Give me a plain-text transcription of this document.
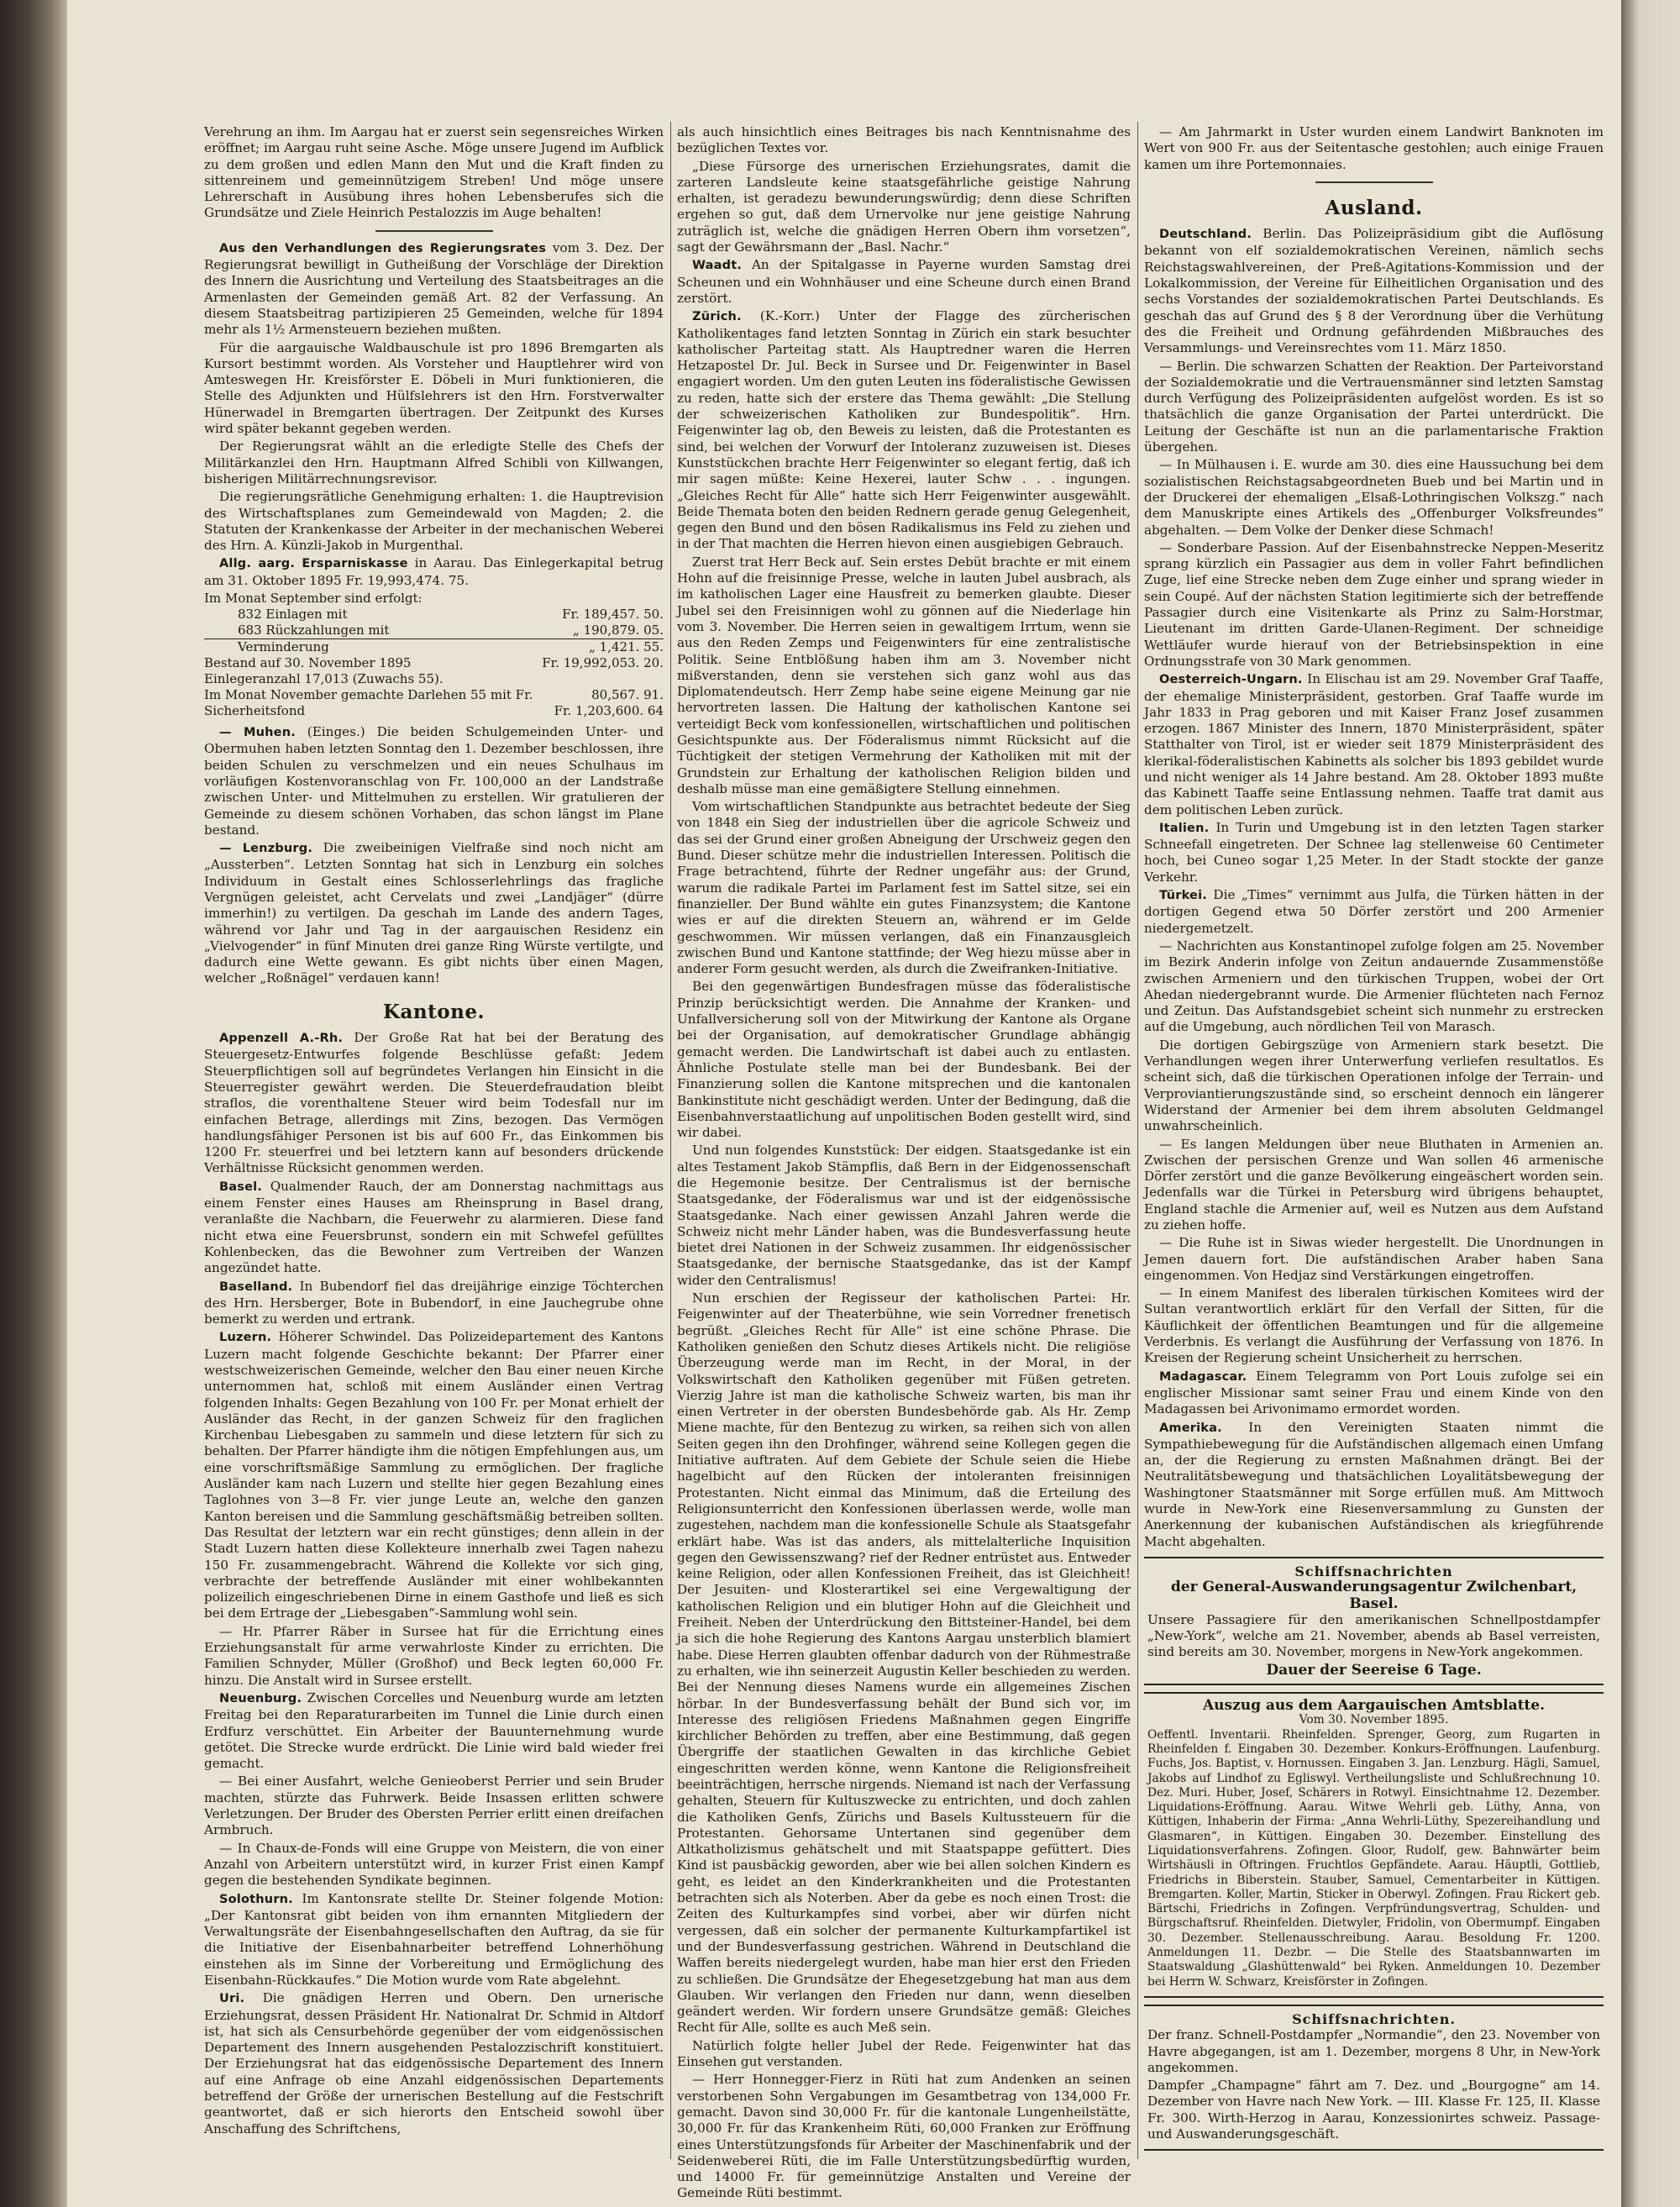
Verehrung an ihm. Im Aargau hat er zuerst sein segensreiches Wirken eröffnet; im Aargau ruht seine Asche. Möge unsere Jugend im Aufblick zu dem großen und edlen Mann den Mut und die Kraft finden zu sittenreinem und gemeinnützigem Streben! Und möge unsere Lehrerschaft in Ausübung ihres hohen Lebensberufes sich die Grundsätze und Ziele Heinrich Pestalozzis im Auge behalten!

Aus den Verhandlungen des Regierungsrates vom 3. Dez. Der Regierungsrat bewilligt in Gutheißung der Vorschläge der Direktion des Innern die Ausrichtung und Verteilung des Staatsbeitrages an die Armenlasten der Gemeinden gemäß Art. 82 der Verfassung. An diesem Staatsbeitrag partizipieren 25 Gemeinden, welche für 1894 mehr als 1½ Armensteuern beziehen mußten.

Für die aargauische Waldbauschule ist pro 1896 Bremgarten als Kursort bestimmt worden. Als Vorsteher und Hauptlehrer wird von Amteswegen Hr. Kreisförster E. Döbeli in Muri funktionieren, die Stelle des Adjunkten und Hülfslehrers ist den Hrn. Forstverwalter Hünerwadel in Bremgarten übertragen. Der Zeitpunkt des Kurses wird später bekannt gegeben werden.

Der Regierungsrat wählt an die erledigte Stelle des Chefs der Militärkanzlei den Hrn. Hauptmann Alfred Schibli von Killwangen, bisherigen Militärrechnungsrevisor.

Die regierungsrätliche Genehmigung erhalten: 1. die Hauptrevision des Wirtschaftsplanes zum Gemeindewald von Magden; 2. die Statuten der Krankenkasse der Arbeiter in der mechanischen Weberei des Hrn. A. Künzli-Jakob in Murgenthal.

Allg. aarg. Ersparniskasse in Aarau. Das Einlegerkapital betrug am 31. Oktober 1895 Fr. 19,993,474. 75.

Im Monat September sind erfolgt:
832 Einlagen mit	Fr. 189,457. 50.
683 Rückzahlungen mit	„ 190,879. 05.
Verminderung	„ 1,421. 55.
Bestand auf 30. November 1895	Fr. 19,992,053. 20.
Einlegeranzahl 17,013 (Zuwachs 55).
Im Monat November gemachte Darlehen 55 mit Fr.	80,567. 91.
Sicherheitsfond	Fr. 1,203,600. 64

— Muhen. (Einges.) Die beiden Schulgemeinden Unter- und Obermuhen haben letzten Sonntag den 1. Dezember beschlossen, ihre beiden Schulen zu verschmelzen und ein neues Schulhaus im vorläufigen Kostenvoranschlag von Fr. 100,000 an der Landstraße zwischen Unter- und Mittelmuhen zu erstellen. Wir gratulieren der Gemeinde zu diesem schönen Vorhaben, das schon längst im Plane bestand.

— Lenzburg. Die zweibeinigen Vielfraße sind noch nicht am „Aussterben“. Letzten Sonntag hat sich in Lenzburg ein solches Individuum in Gestalt eines Schlosserlehrlings das fragliche Vergnügen geleistet, acht Cervelats und zwei „Landjäger“ (dürre immerhin!) zu vertilgen. Da geschah im Lande des andern Tages, während vor Jahr und Tag in der aargauischen Residenz ein „Vielvogender“ in fünf Minuten drei ganze Ring Würste vertilgte, und dadurch eine Wette gewann. Es gibt nichts über einen Magen, welcher „Roßnägel“ verdauen kann!

Kantone.

Appenzell A.-Rh. Der Große Rat hat bei der Beratung des Steuergesetz-Entwurfes folgende Beschlüsse gefaßt: Jedem Steuerpflichtigen soll auf begründetes Verlangen hin Einsicht in die Steuerregister gewährt werden. Die Steuerdefraudation bleibt straflos, die vorenthaltene Steuer wird beim Todesfall nur im einfachen Betrage, allerdings mit Zins, bezogen. Das Vermögen handlungsfähiger Personen ist bis auf 600 Fr., das Einkommen bis 1200 Fr. steuerfrei und bei letztern kann auf besonders drückende Verhältnisse Rücksicht genommen werden.

Basel. Qualmender Rauch, der am Donnerstag nachmittags aus einem Fenster eines Hauses am Rheinsprung in Basel drang, veranlaßte die Nachbarn, die Feuerwehr zu alarmieren. Diese fand nicht etwa eine Feuersbrunst, sondern ein mit Schwefel gefülltes Kohlenbecken, das die Bewohner zum Vertreiben der Wanzen angezündet hatte.

Baselland. In Bubendorf fiel das dreijährige einzige Töchterchen des Hrn. Hersberger, Bote in Bubendorf, in eine Jauchegrube ohne bemerkt zu werden und ertrank.

Luzern. Höherer Schwindel. Das Polizeidepartement des Kantons Luzern macht folgende Geschichte bekannt: Der Pfarrer einer westschweizerischen Gemeinde, welcher den Bau einer neuen Kirche unternommen hat, schloß mit einem Ausländer einen Vertrag folgenden Inhalts: Gegen Bezahlung von 100 Fr. per Monat erhielt der Ausländer das Recht, in der ganzen Schweiz für den fraglichen Kirchenbau Liebesgaben zu sammeln und diese letztern für sich zu behalten. Der Pfarrer händigte ihm die nötigen Empfehlungen aus, um eine vorschriftsmäßige Sammlung zu ermöglichen. Der fragliche Ausländer kam nach Luzern und stellte hier gegen Bezahlung eines Taglohnes von 3—8 Fr. vier junge Leute an, welche den ganzen Kanton bereisen und die Sammlung geschäftsmäßig betreiben sollten. Das Resultat der letztern war ein recht günstiges; denn allein in der Stadt Luzern hatten diese Kollekteure innerhalb zwei Tagen nahezu 150 Fr. zusammengebracht. Während die Kollekte vor sich ging, verbrachte der betreffende Ausländer mit einer wohlbekannten polizeilich eingeschriebenen Dirne in einem Gasthofe und ließ es sich bei dem Ertrage der „Liebesgaben“-Sammlung wohl sein.

— Hr. Pfarrer Räber in Sursee hat für die Errichtung eines Erziehungsanstalt für arme verwahrloste Kinder zu errichten. Die Familien Schnyder, Müller (Großhof) und Beck legten 60,000 Fr. hinzu. Die Anstalt wird in Sursee erstellt.

Neuenburg. Zwischen Corcelles und Neuenburg wurde am letzten Freitag bei den Reparaturarbeiten im Tunnel die Linie durch einen Erdfurz verschüttet. Ein Arbeiter der Bauunternehmung wurde getötet. Die Strecke wurde erdrückt. Die Linie wird bald wieder frei gemacht.

— Bei einer Ausfahrt, welche Genieoberst Perrier und sein Bruder machten, stürzte das Fuhrwerk. Beide Insassen erlitten schwere Verletzungen. Der Bruder des Obersten Perrier erlitt einen dreifachen Armbruch.

— In Chaux-de-Fonds will eine Gruppe von Meistern, die von einer Anzahl von Arbeitern unterstützt wird, in kurzer Frist einen Kampf gegen die bestehenden Syndikate beginnen.

Solothurn. Im Kantonsrate stellte Dr. Steiner folgende Motion: „Der Kantonsrat gibt beiden von ihm ernannten Mitgliedern der Verwaltungsräte der Eisenbahngesellschaften den Auftrag, da sie für die Initiative der Eisenbahnarbeiter betreffend Lohnerhöhung einstehen als im Sinne der Vorbereitung und Ermöglichung des Eisenbahn-Rückkaufes.“ Die Motion wurde vom Rate abgelehnt.

Uri. Die gnädigen Herren und Obern. Den urnerische Erziehungsrat, dessen Präsident Hr. Nationalrat Dr. Schmid in Altdorf ist, hat sich als Censurbehörde gegenüber der vom eidgenössischen Departement des Innern ausgehenden Pestalozzischrift konstituiert. Der Erziehungsrat hat das eidgenössische Departement des Innern auf eine Anfrage ob eine Anzahl eidgenössischen Departements betreffend der Größe der urnerischen Bestellung auf die Festschrift geantwortet, daß er sich hierorts den Entscheid sowohl über Anschaffung des Schriftchens,

als auch hinsichtlich eines Beitrages bis nach Kenntnisnahme des bezüglichen Textes vor.

„Diese Fürsorge des urnerischen Erziehungsrates, damit die zarteren Landsleute keine staatsgefährliche geistige Nahrung erhalten, ist geradezu bewunderungswürdig; denn diese Schriften ergehen so gut, daß dem Urnervolke nur jene geistige Nahrung zuträglich ist, welche die gnädigen Herren Obern ihm vorsetzen“, sagt der Gewährsmann der „Basl. Nachr.“

Waadt. An der Spitalgasse in Payerne wurden Samstag drei Scheunen und ein Wohnhäuser und eine Scheune durch einen Brand zerstört.

Zürich. (K.-Korr.) Unter der Flagge des zürcherischen Katholikentages fand letzten Sonntag in Zürich ein stark besuchter katholischer Parteitag statt. Als Hauptredner waren die Herren Hetzapostel Dr. Jul. Beck in Sursee und Dr. Feigenwinter in Basel engagiert worden. Um den guten Leuten ins föderalistische Gewissen zu reden, hatte sich der erstere das Thema gewählt: „Die Stellung der schweizerischen Katholiken zur Bundespolitik“. Hrn. Feigenwinter lag ob, den Beweis zu leisten, daß die Protestanten es sind, bei welchen der Vorwurf der Intoleranz zuzuweisen ist. Dieses Kunststückchen brachte Herr Feigenwinter so elegant fertig, daß ich mir sagen müßte: Keine Hexerei, lauter Schw . . . ingungen. „Gleiches Recht für Alle“ hatte sich Herr Feigenwinter ausgewählt. Beide Themata boten den beiden Rednern gerade genug Gelegenheit, gegen den Bund und den bösen Radikalismus ins Feld zu ziehen und in der That machten die Herren hievon einen ausgiebigen Gebrauch.

Zuerst trat Herr Beck auf. Sein erstes Debüt brachte er mit einem Hohn auf die freisinnige Presse, welche in lauten Jubel ausbrach, als im katholischen Lager eine Hausfreit zu bemerken glaubte. Dieser Jubel sei den Freisinnigen wohl zu gönnen auf die Niederlage hin vom 3. November. Die Herren seien in gewaltigem Irrtum, wenn sie aus den Reden Zemps und Feigenwinters für eine zentralistische Politik. Seine Entblößung haben ihm am 3. November nicht mißverstanden, denn sie verstehen sich ganz wohl aus das Diplomatendeutsch. Herr Zemp habe seine eigene Meinung gar nie hervortreten lassen. Die Haltung der katholischen Kantone sei verteidigt Beck vom konfessionellen, wirtschaftlichen und politischen Gesichtspunkte aus. Der Föderalismus nimmt Rücksicht auf die Tüchtigkeit der stetigen Vermehrung der Katholiken mit mit der Grundstein zur Erhaltung der katholischen Religion bilden und deshalb müsse man eine gemäßigtere Stellung einnehmen.

Vom wirtschaftlichen Standpunkte aus betrachtet bedeute der Sieg von 1848 ein Sieg der industriellen über die agricole Schweiz und das sei der Grund einer großen Abneigung der Urschweiz gegen den Bund. Dieser schütze mehr die industriellen Interessen. Politisch die Frage betrachtend, führte der Redner ungefähr aus: der Grund, warum die radikale Partei im Parlament fest im Sattel sitze, sei ein finanzieller. Der Bund wählte ein gutes Finanzsystem; die Kantone wies er auf die direkten Steuern an, während er im Gelde geschwommen. Wir müssen verlangen, daß ein Finanzausgleich zwischen Bund und Kantone stattfinde; der Weg hiezu müsse aber in anderer Form gesucht werden, als durch die Zweifranken-Initiative.

Bei den gegenwärtigen Bundesfragen müsse das föderalistische Prinzip berücksichtigt werden. Die Annahme der Kranken- und Unfallversicherung soll von der Mitwirkung der Kantone als Organe bei der Organisation, auf demokratischer Grundlage abhängig gemacht werden. Die Landwirtschaft ist dabei auch zu entlasten. Ähnliche Postulate stelle man bei der Bundesbank. Bei der Finanzierung sollen die Kantone mitsprechen und die kantonalen Bankinstitute nicht geschädigt werden. Unter der Bedingung, daß die Eisenbahnverstaatlichung auf unpolitischen Boden gestellt wird, sind wir dabei.

Und nun folgendes Kunststück: Der eidgen. Staatsgedanke ist ein altes Testament Jakob Stämpflis, daß Bern in der Eidgenossenschaft die Hegemonie besitze. Der Centralismus ist der bernische Staatsgedanke, der Föderalismus war und ist der eidgenössische Staatsgedanke. Nach einer gewissen Anzahl Jahren werde die Schweiz nicht mehr Länder haben, was die Bundesverfassung heute bietet drei Nationen in der Schweiz zusammen. Ihr eidgenössischer Staatsgedanke, der bernische Staatsgedanke, das ist der Kampf wider den Centralismus!

Nun erschien der Regisseur der katholischen Partei: Hr. Feigenwinter auf der Theaterbühne, wie sein Vorredner frenetisch begrüßt. „Gleiches Recht für Alle“ ist eine schöne Phrase. Die Katholiken genießen den Schutz dieses Artikels nicht. Die religiöse Überzeugung werde man im Recht, in der Moral, in der Volkswirtschaft den Katholiken gegenüber mit Füßen getreten. Vierzig Jahre ist man die katholische Schweiz warten, bis man ihr einen Vertreter in der obersten Bundesbehörde gab. Als Hr. Zemp Miene machte, für den Bentezug zu wirken, sa reihen sich von allen Seiten gegen ihn den Drohfinger, während seine Kollegen gegen die Initiative auftraten. Auf dem Gebiete der Schule seien die Hiebe hagelbicht auf den Rücken der intoleranten freisinnigen Protestanten. Nicht einmal das Minimum, daß die Erteilung des Religionsunterricht den Konfessionen überlassen werde, wolle man zugestehen, nachdem man die konfessionelle Schule als Staatsgefahr erklärt habe. Was ist das anders, als mittelalterliche Inquisition gegen den Gewissenszwang? rief der Redner entrüstet aus. Entweder keine Religion, oder allen Konfessionen Freiheit, das ist Gleichheit! Der Jesuiten- und Klosterartikel sei eine Vergewaltigung der katholischen Religion und ein blutiger Hohn auf die Gleichheit und Freiheit. Neben der Unterdrückung den Bittsteiner-Handel, bei dem ja sich die hohe Regierung des Kantons Aargau unsterblich blamiert habe. Diese Herren glaubten offenbar dadurch von der Rühmestraße zu erhalten, wie ihn seinerzeit Augustin Keller beschieden zu werden. Bei der Nennung dieses Namens wurde ein allgemeines Zischen hörbar. In der Bundesverfassung behält der Bund sich vor, im Interesse des religiösen Friedens Maßnahmen gegen Eingriffe kirchlicher Behörden zu treffen, aber eine Bestimmung, daß gegen Übergriffe der staatlichen Gewalten in das kirchliche Gebiet eingeschritten werden könne, wenn Kantone die Religionsfreiheit beeinträchtigen, herrsche nirgends. Niemand ist nach der Verfassung gehalten, Steuern für Kultuszwecke zu entrichten, und doch zahlen die Katholiken Genfs, Zürichs und Basels Kultussteuern für die Protestanten. Gehorsame Untertanen sind gegenüber dem Altkatholizismus gehätschelt und mit Staatspappe gefüttert. Dies Kind ist pausbäckig geworden, aber wie bei allen solchen Kindern es geht, es leidet an den Kinderkrankheiten und die Protestanten betrachten sich als Noterben. Aber da gebe es noch einen Trost: die Zeiten des Kulturkampfes sind vorbei, aber wir dürfen nicht vergessen, daß ein solcher der permanente Kulturkampfartikel ist und der Bundesverfassung gestrichen. Während in Deutschland die Waffen bereits niedergelegt wurden, habe man hier erst den Frieden zu schließen. Die Grundsätze der Ehegesetzgebung hat man aus dem Glauben. Wir verlangen den Frieden nur dann, wenn dieselben geändert werden. Wir fordern unsere Grundsätze gemäß: Gleiches Recht für Alle, sollte es auch Meß sein.

Natürlich folgte heller Jubel der Rede. Feigenwinter hat das Einsehen gut verstanden.

— Herr Honnegger-Fierz in Rüti hat zum Andenken an seinen verstorbenen Sohn Vergabungen im Gesamtbetrag von 134,000 Fr. gemacht. Davon sind 30,000 Fr. für die kantonale Lungenheilstätte, 30,000 Fr. für das Krankenheim Rüti, 60,000 Franken zur Eröffnung eines Unterstützungsfonds für Arbeiter der Maschinenfabrik und der Seidenweberei Rüti, die im Falle Unterstützungsbedürftig wurden, und 14000 Fr. für gemeinnützige Anstalten und Vereine der Gemeinde Rüti bestimmt.

— Am Jahrmarkt in Uster wurden einem Landwirt Banknoten im Wert von 900 Fr. aus der Seitentasche gestohlen; auch einige Frauen kamen um ihre Portemonnaies.

Ausland.

Deutschland. Berlin. Das Polizeipräsidium gibt die Auflösung bekannt von elf sozialdemokratischen Vereinen, nämlich sechs Reichstagswahlvereinen, der Preß-Agitations-Kommission und der Lokalkommission, der Vereine für Eilheitlichen Organisation und des sechs Vorstandes der sozialdemokratischen Partei Deutschlands. Es geschah das auf Grund des § 8 der Verordnung über die Verhütung des die Freiheit und Ordnung gefährdenden Mißbrauches des Versammlungs- und Vereinsrechtes vom 11. März 1850.

— Berlin. Die schwarzen Schatten der Reaktion. Der Parteivorstand der Sozialdemokratie und die Vertrauensmänner sind letzten Samstag durch Verfügung des Polizeipräsidenten aufgelöst worden. Es ist so thatsächlich die ganze Organisation der Partei unterdrückt. Die Leitung der Geschäfte ist nun an die parlamentarische Fraktion übergehen.

— In Mülhausen i. E. wurde am 30. dies eine Haussuchung bei dem sozialistischen Reichstagsabgeordneten Bueb und bei Martin und in der Druckerei der ehemaligen „Elsaß-Lothringischen Volkszg.“ nach dem Manuskripte eines Artikels des „Offenburger Volksfreundes“ abgehalten. — Dem Volke der Denker diese Schmach!

— Sonderbare Passion. Auf der Eisenbahnstrecke Neppen-Meseritz sprang kürzlich ein Passagier aus dem in voller Fahrt befindlichen Zuge, lief eine Strecke neben dem Zuge einher und sprang wieder in sein Coupé. Auf der nächsten Station legitimierte sich der betreffende Passagier durch eine Visitenkarte als Prinz zu Salm-Horstmar, Lieutenant im dritten Garde-Ulanen-Regiment. Der schneidige Wettläufer wurde hierauf von der Betriebsinspektion in eine Ordnungsstrafe von 30 Mark genommen.

Oesterreich-Ungarn. In Elischau ist am 29. November Graf Taaffe, der ehemalige Ministerpräsident, gestorben. Graf Taaffe wurde im Jahr 1833 in Prag geboren und mit Kaiser Franz Josef zusammen erzogen. 1867 Minister des Innern, 1870 Ministerpräsident, später Statthalter von Tirol, ist er wieder seit 1879 Ministerpräsident des klerikal-föderalistischen Kabinetts als solcher bis 1893 gebildet wurde und nicht weniger als 14 Jahre bestand. Am 28. Oktober 1893 mußte das Kabinett Taaffe seine Entlassung nehmen. Taaffe trat damit aus dem politischen Leben zurück.

Italien. In Turin und Umgebung ist in den letzten Tagen starker Schneefall eingetreten. Der Schnee lag stellenweise 60 Centimeter hoch, bei Cuneo sogar 1,25 Meter. In der Stadt stockte der ganze Verkehr.

Türkei. Die „Times“ vernimmt aus Julfa, die Türken hätten in der dortigen Gegend etwa 50 Dörfer zerstört und 200 Armenier niedergemetzelt.

— Nachrichten aus Konstantinopel zufolge folgen am 25. November im Bezirk Anderin infolge von Zeitun andauernde Zusammenstöße zwischen Armeniern und den türkischen Truppen, wobei der Ort Ahedan niedergebrannt wurde. Die Armenier flüchteten nach Fernoz und Zeitun. Das Aufstandsgebiet scheint sich nunmehr zu erstrecken auf die Umgebung, auch nördlichen Teil von Marasch.

Die dortigen Gebirgszüge von Armeniern stark besetzt. Die Verhandlungen wegen ihrer Unterwerfung verliefen resultatlos. Es scheint sich, daß die türkischen Operationen infolge der Terrain- und Verproviantierungszustände sind, so erscheint dennoch ein längerer Widerstand der Armenier bei dem ihrem absoluten Geldmangel unwahrscheinlich.

— Es langen Meldungen über neue Bluthaten in Armenien an. Zwischen der persischen Grenze und Wan sollen 46 armenische Dörfer zerstört und die ganze Bevölkerung eingeäschert worden sein. Jedenfalls war die Türkei in Petersburg wird übrigens behauptet, England stachle die Armenier auf, weil es Nutzen aus dem Aufstand zu ziehen hoffe.

— Die Ruhe ist in Siwas wieder hergestellt. Die Unordnungen in Jemen dauern fort. Die aufständischen Araber haben Sana eingenommen. Von Hedjaz sind Verstärkungen eingetroffen.

— In einem Manifest des liberalen türkischen Komitees wird der Sultan verantwortlich erklärt für den Verfall der Sitten, für die Käuflichkeit der öffentlichen Beamtungen und für die allgemeine Verderbnis. Es verlangt die Ausführung der Verfassung von 1876. In Kreisen der Regierung scheint Unsicherheit zu herrschen.

Madagascar. Einem Telegramm von Port Louis zufolge sei ein englischer Missionar samt seiner Frau und einem Kinde von den Madagassen bei Arivonimamo ermordet worden.

Amerika. In den Vereinigten Staaten nimmt die Sympathiebewegung für die Aufständischen allgemach einen Umfang an, der die Regierung zu ernsten Maßnahmen drängt. Bei der Neutralitätsbewegung und thatsächlichen Loyalitätsbewegung der Washingtoner Staatsmänner mit Sorge erfüllen muß. Am Mittwoch wurde in New-York eine Riesenversammlung zu Gunsten der Anerkennung der kubanischen Aufständischen als kriegführende Macht abgehalten.

Schiffsnachrichten
der General-Auswanderungsagentur Zwilchenbart, Basel.

Unsere Passagiere für den amerikanischen Schnellpostdampfer „New-York“, welche am 21. November, abends ab Basel verreisten, sind bereits am 30. November, morgens in New-York angekommen.

Dauer der Seereise 6 Tage.
Auszug aus dem Aargauischen Amtsblatte.
Vom 30. November 1895.

Oeffentl. Inventarii. Rheinfelden. Sprenger, Georg, zum Rugarten in Rheinfelden f. Eingaben 30. Dezember. Konkurs-Eröffnungen. Laufenburg. Fuchs, Jos. Baptist, v. Hornussen. Eingaben 3. Jan. Lenzburg. Hägli, Samuel, Jakobs auf Lindhof zu Egliswyl. Vertheilungsliste und Schlußrechnung 10. Dez. Muri. Huber, Josef, Schärers in Rotwyl. Einsichtnahme 12. Dezember. Liquidations-Eröffnung. Aarau. Witwe Wehrli geb. Lüthy, Anna, von Küttigen, Inhaberin der Firma: „Anna Wehrli-Lüthy, Spezereihandlung und Glasmaren“, in Küttigen. Eingaben 30. Dezember. Einstellung des Liquidationsverfahrens. Zofingen. Gloor, Rudolf, gew. Bahnwärter beim Wirtshäusli in Oftringen. Fruchtlos Gepfändete. Aarau. Häuptli, Gottlieb, Friedrichs in Biberstein. Stauber, Samuel, Cementarbeiter in Küttigen. Bremgarten. Koller, Martin, Sticker in Oberwyl. Zofingen. Frau Rickert geb. Bärtschi, Friedrichs in Zofingen. Verpfründungsvertrag, Schulden- und Bürgschaftsruf. Rheinfelden. Dietwyler, Fridolin, von Obermumpf. Eingaben 30. Dezember. Stellenausschreibung. Aarau. Besoldung Fr. 1200. Anmeldungen 11. Dezbr. — Die Stelle des Staatsbannwarten im Staatswaldung „Glashüttenwald“ bei Ryken. Anmeldungen 10. Dezember bei Herrn W. Schwarz, Kreisförster in Zofingen.

Schiffsnachrichten.

Der franz. Schnell-Postdampfer „Normandie“, den 23. November von Havre abgegangen, ist am 1. Dezember, morgens 8 Uhr, in New-York angekommen.

Dampfer „Champagne“ fährt am 7. Dez. und „Bourgogne“ am 14. Dezember von Havre nach New York. — III. Klasse Fr. 125, II. Klasse Fr. 300. Wirth-Herzog in Aarau, Konzessionirtes schweiz. Passage- und Auswanderungsgeschäft.
